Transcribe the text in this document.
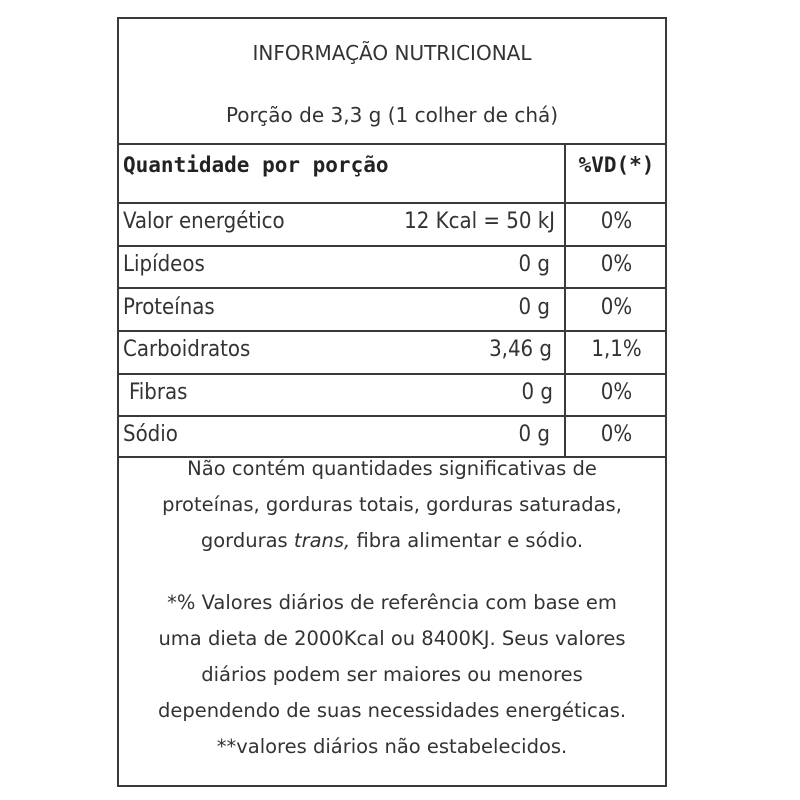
INFORMAÇÃO NUTRICIONAL
Porção de 3,3 g (1 colher de chá)
Quantidade por porção	%VD(*)
Valor energético	12 Kcal = 50 kJ	0%
Lipídeos	0 g	0%
Proteínas	0 g	0%
Carboidratos	3,46 g	1,1%
Fibras	0 g	0%
Sódio	0 g	0%

Não contém quantidades significativas de

proteínas, gorduras totais, gorduras saturadas,

gorduras trans, fibra alimentar e sódio.

*% Valores diários de referência com base em

uma dieta de 2000Kcal ou 8400KJ. Seus valores

diários podem ser maiores ou menores

dependendo de suas necessidades energéticas.

**valores diários não estabelecidos.
